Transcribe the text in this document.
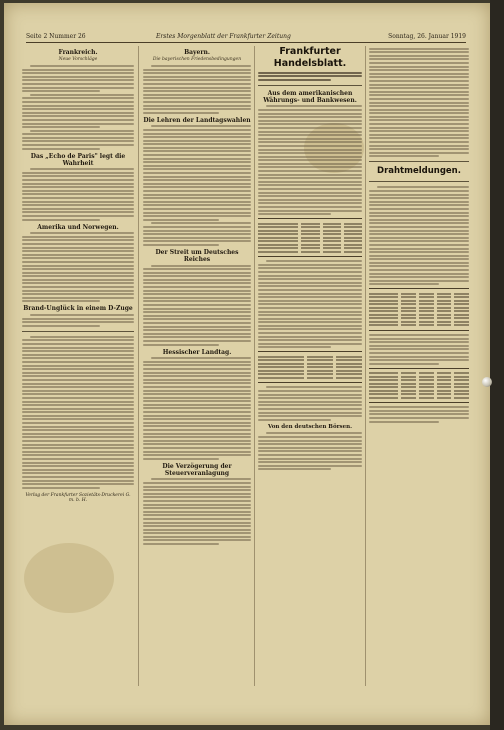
Seite 2 Nummer 26	Erstes Morgenblatt der Frankfurter Zeitung	Sonntag, 26. Januar 1919
Frankreich.
Neue Vorschläge
Das „Echo de Paris" legt die Wahrheit
Amerika und Norwegen.
Brand-Unglück in einem D-Zuge
Verlag der Frankfurter Sozietäts-Druckerei G. m. b. H.
Bayern.
Die bayerischen Friedensbedingungen
Die Lehren der Landtagswahlen
Der Streit um Deutsches Reiches
Hessischer Landtag.
Die Verzögerung der Steuerveranlagung
Frankfurter Handelsblatt.
Aus dem amerikanischen Währungs- und Bankwesen.
Von den deutschen Börsen.
Drahtmeldungen.
